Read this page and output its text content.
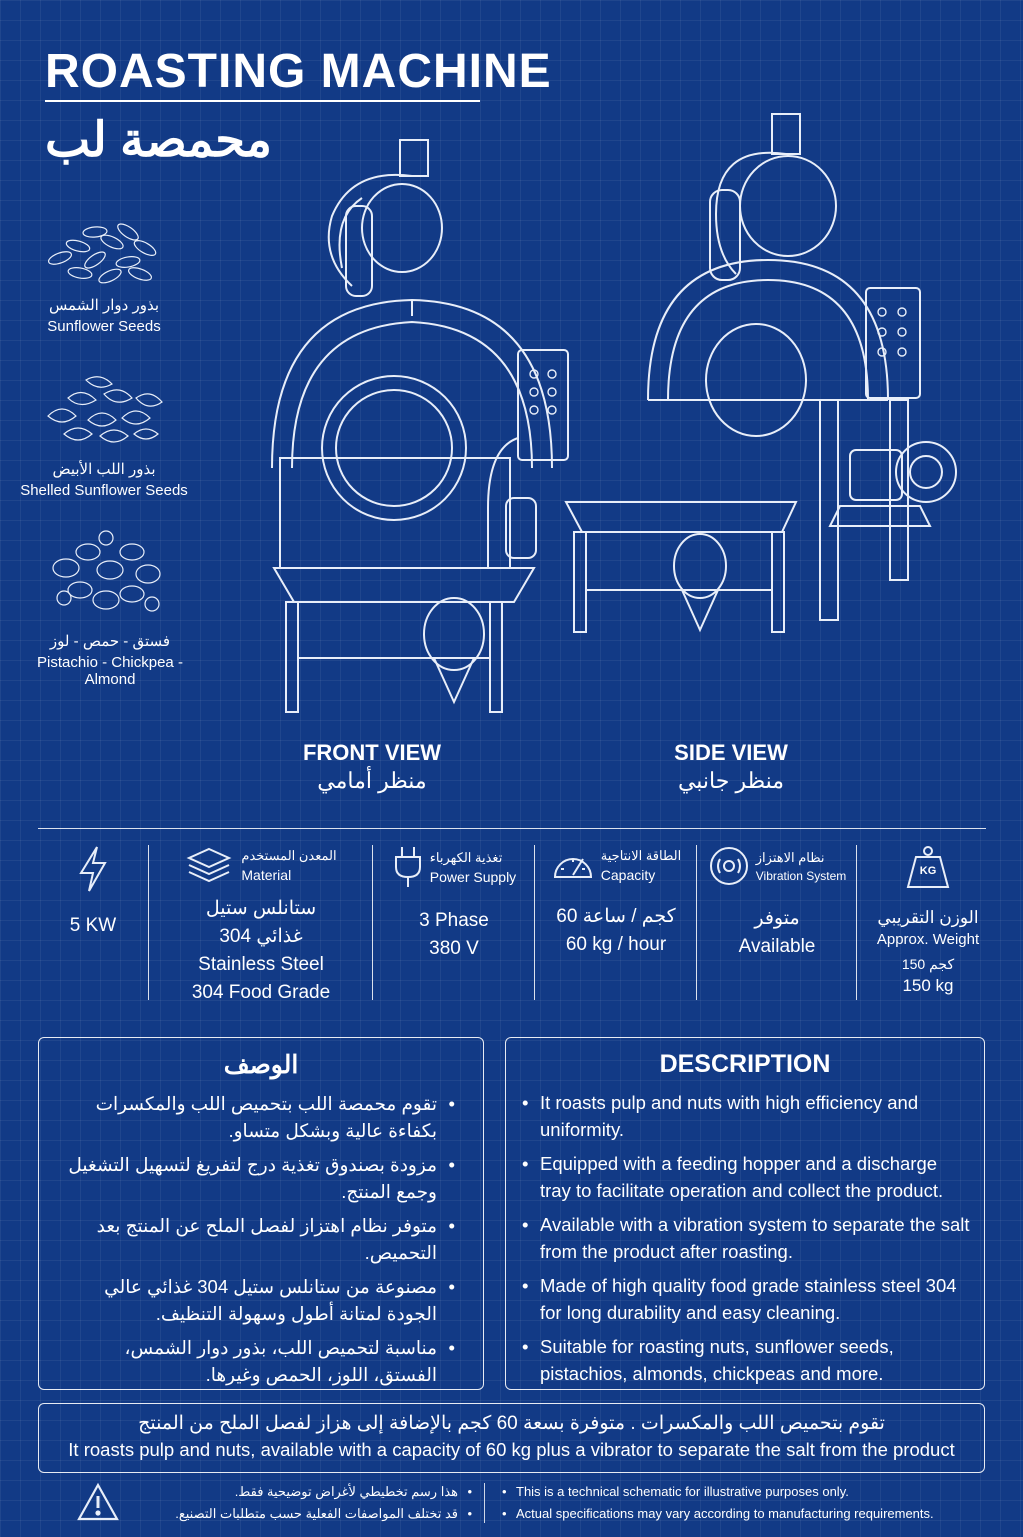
ROASTING MACHINE
محمصة لب
بذور دوار الشمس
Sunflower Seeds
بذور اللب الأبيض
Shelled Sunflower Seeds
فستق - حمص - لوز
Pistachio - Chickpea - Almond
FRONT VIEW
منظر أمامي
SIDE VIEW
منظر جانبي
5 KW
المعدن المستخدم
Material
ستانلس ستيل
غذائي 304
Stainless Steel
304 Food Grade
تغذية الكهرباء
Power Supply
3 Phase
380 V
الطاقة الانتاجية
Capacity
60 كجم / ساعة
60 kg / hour
نظام الاهتزاز
Vibration System
متوفر
Available
KG
الوزن التقريبي
Approx. Weight
150 كجم
150 kg
الوصف
• تقوم محمصة اللب بتحميص اللب والمكسرات بكفاءة عالية وبشكل متساو.
• مزودة بصندوق تغذية درج لتفريغ لتسهيل التشغيل وجمع المنتج.
• متوفر نظام اهتزاز لفصل الملح عن المنتج بعد التحميص.
• مصنوعة من ستانلس ستيل 304 غذائي عالي الجودة لمتانة أطول وسهولة التنظيف.
• مناسبة لتحميص اللب، بذور دوار الشمس، الفستق، اللوز، الحمص وغيرها.
DESCRIPTION
• It roasts pulp and nuts with high efficiency and uniformity.
• Equipped with a feeding hopper and a discharge tray to facilitate operation and collect the product.
• Available with a vibration system to separate the salt from the product after roasting.
• Made of high quality food grade stainless steel 304 for long durability and easy cleaning.
• Suitable for roasting nuts, sunflower seeds, pistachios, almonds, chickpeas and more.
تقوم بتحميص اللب والمكسرات . متوفرة بسعة 60 كجم بالإضافة إلى هزاز لفصل الملح من المنتج
It roasts pulp and nuts, available with a capacity of 60 kg plus a vibrator to separate the salt from the product
• هذا رسم تخطيطي لأغراض توضيحية فقط.
• قد تختلف المواصفات الفعلية حسب متطلبات التصنيع.
• This is a technical schematic for illustrative purposes only.
• Actual specifications may vary according to manufacturing requirements.
